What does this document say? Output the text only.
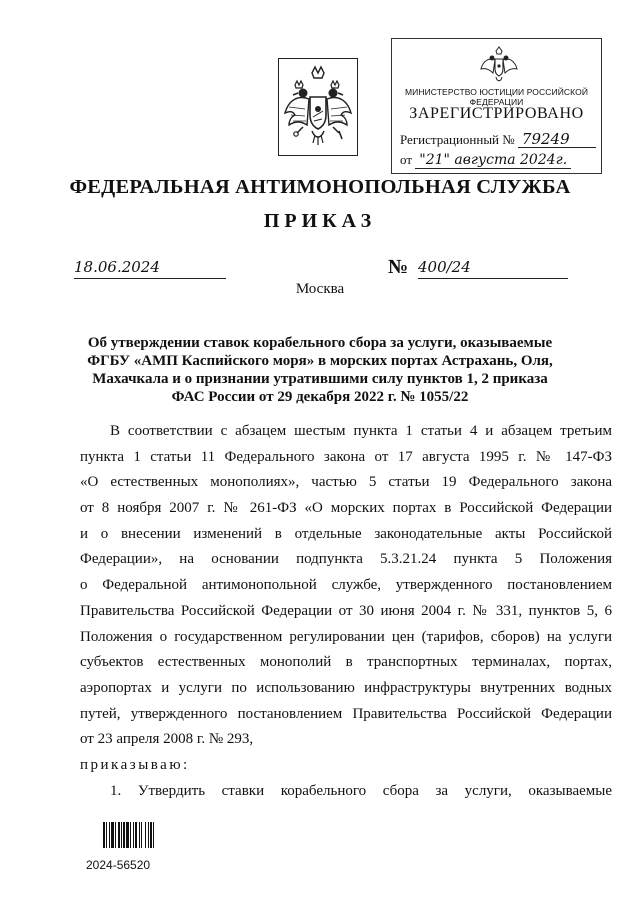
МИНИСТЕРСТВО ЮСТИЦИИ РОССИЙСКОЙ ФЕДЕРАЦИИ
ЗАРЕГИСТРИРОВАНО
Регистрационный № 79249
от "21" августа 2024г.
ФЕДЕРАЛЬНАЯ АНТИМОНОПОЛЬНАЯ СЛУЖБА
ПРИКАЗ
18.06.2024	№ 400/24
Москва
Об утверждении ставок корабельного сбора за услуги, оказываемые
ФГБУ «АМП Каспийского моря» в морских портах Астрахань, Оля,
Махачкала и о признании утратившими силу пунктов 1, 2 приказа
ФАС России от 29 декабря 2022 г. № 1055/22
В соответствии с абзацем шестым пункта 1 статьи 4 и абзацем третьим
пункта 1 статьи 11 Федерального закона от 17 августа 1995 г. № 147-ФЗ
«О естественных монополиях», частью 5 статьи 19 Федерального закона
от 8 ноября 2007 г. № 261-ФЗ «О морских портах в Российской Федерации
и о внесении изменений в отдельные законодательные акты Российской
Федерации», на основании подпункта 5.3.21.24 пункта 5 Положения
о Федеральной антимонопольной службе, утвержденного постановлением
Правительства Российской Федерации от 30 июня 2004 г. № 331, пунктов 5, 6
Положения о государственном регулировании цен (тарифов, сборов) на услуги
субъектов естественных монополий в транспортных терминалах, портах,
аэропортах и услуги по использованию инфраструктуры внутренних водных
путей, утвержденного постановлением Правительства Российской Федерации
от 23 апреля 2008 г. № 293,
приказываю:
1. Утвердить ставки корабельного сбора за услуги, оказываемые
2024-56520
